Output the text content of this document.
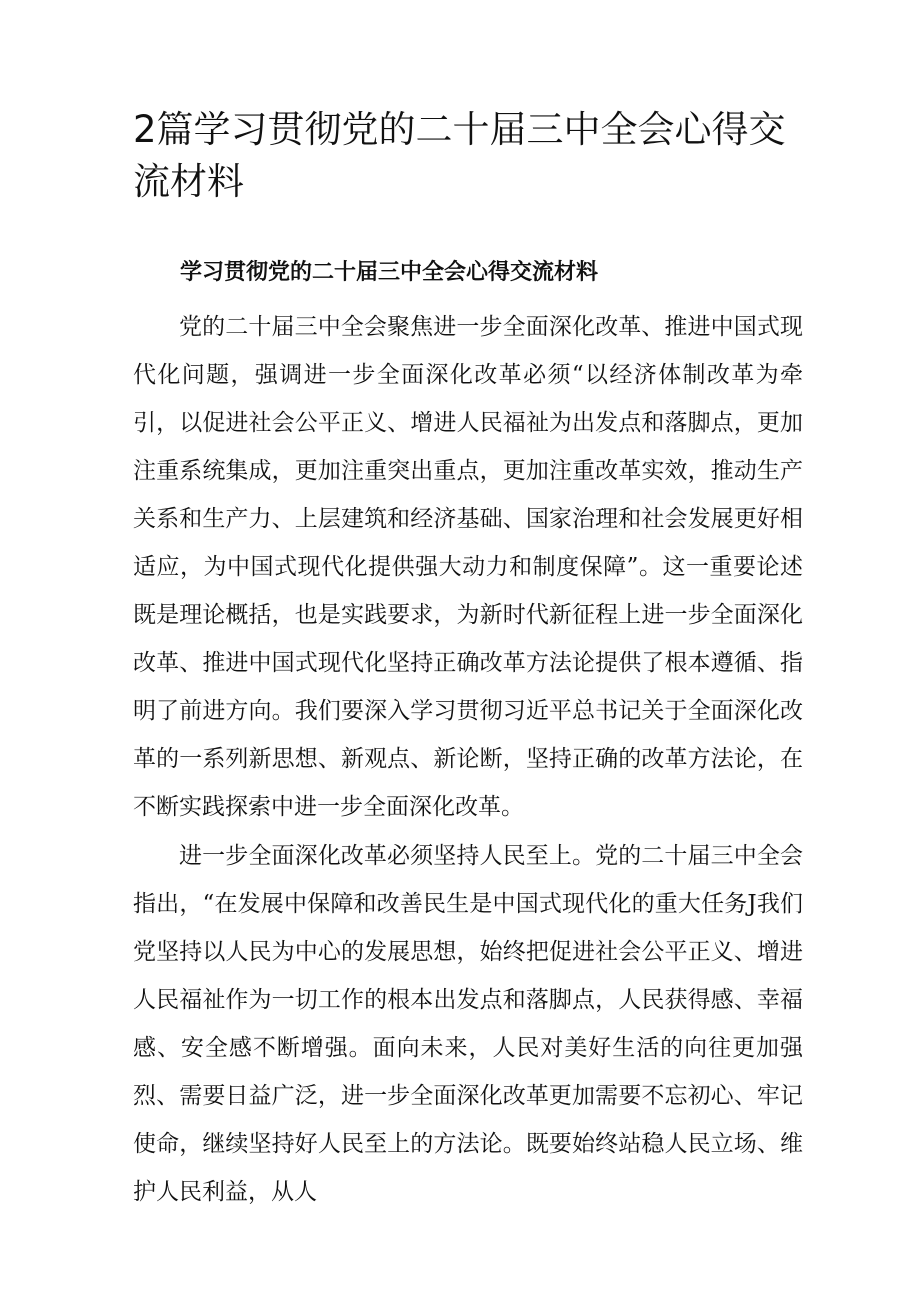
2篇学习贯彻党的二十届三中全会心得交流材料
学习贯彻党的二十届三中全会心得交流材料

党的二十届三中全会聚焦进一步全面深化改革、推进中国式现代化问题，强调进一步全面深化改革必须“以经济体制改革为牵引，以促进社会公平正义、增进人民福祉为出发点和落脚点，更加注重系统集成，更加注重突出重点，更加注重改革实效，推动生产关系和生产力、上层建筑和经济基础、国家治理和社会发展更好相适应，为中国式现代化提供强大动力和制度保障”。这一重要论述既是理论概括，也是实践要求，为新时代新征程上进一步全面深化改革、推进中国式现代化坚持正确改革方法论提供了根本遵循、指明了前进方向。我们要深入学习贯彻习近平总书记关于全面深化改革的一系列新思想、新观点、新论断，坚持正确的改革方法论，在不断实践探索中进一步全面深化改革。

进一步全面深化改革必须坚持人民至上。党的二十届三中全会指出，“在发展中保障和改善民生是中国式现代化的重大任务J我们党坚持以人民为中心的发展思想，始终把促进社会公平正义、增进人民福祉作为一切工作的根本出发点和落脚点，人民获得感、幸福感、安全感不断增强。面向未来，人民对美好生活的向往更加强烈、需要日益广泛，进一步全面深化改革更加需要不忘初心、牢记使命，继续坚持好人民至上的方法论。既要始终站稳人民立场、维护人民利益，从人
